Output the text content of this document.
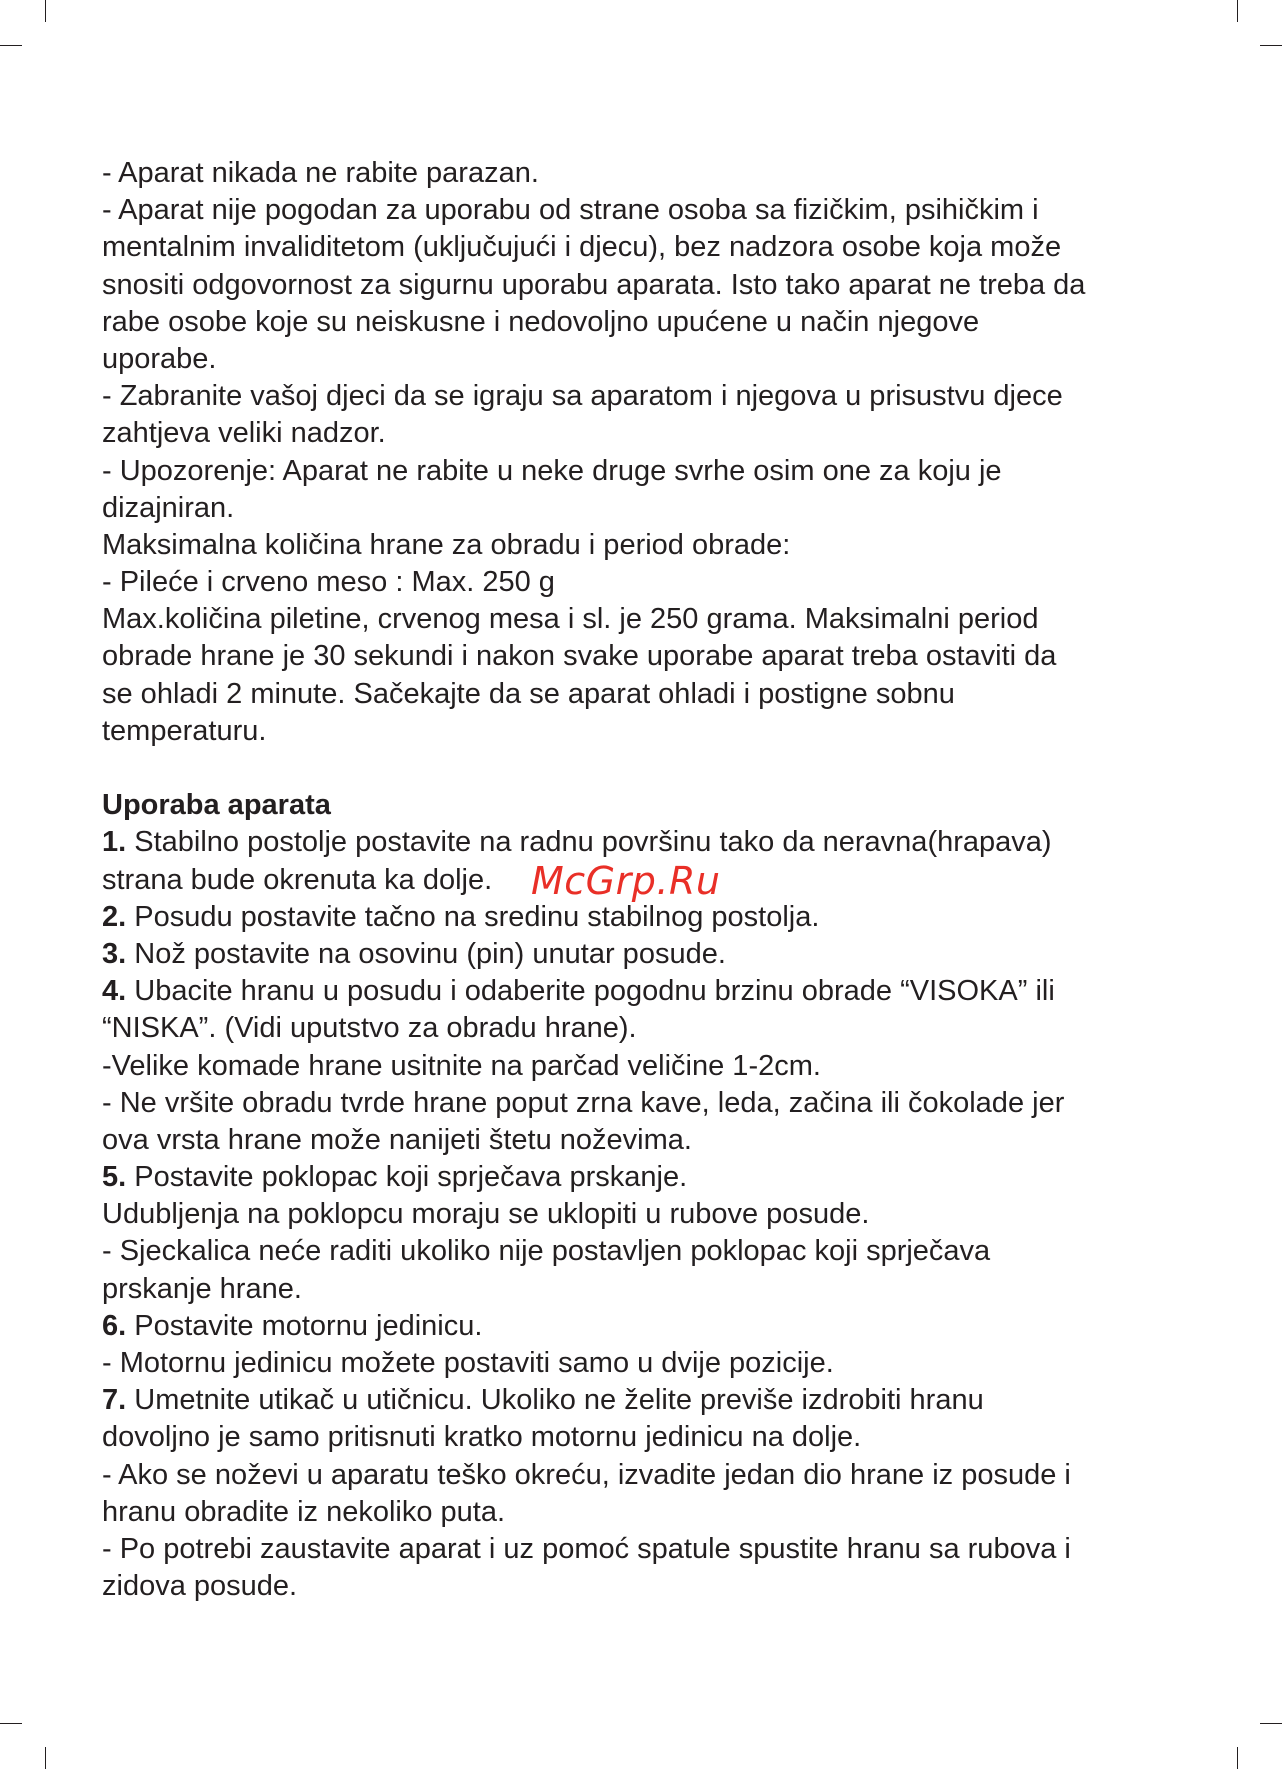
- Aparat nikada ne rabite parazan.
- Aparat nije pogodan za uporabu od strane osoba sa fizičkim, psihičkim i
mentalnim invaliditetom (uključujući i djecu), bez nadzora osobe koja može
snositi odgovornost za sigurnu uporabu aparata. Isto tako aparat ne treba da
rabe osobe koje su neiskusne i nedovoljno upućene u način njegove
uporabe.
- Zabranite vašoj djeci da se igraju sa aparatom i njegova u prisustvu djece
zahtjeva veliki nadzor.
- Upozorenje: Aparat ne rabite u neke druge svrhe osim one za koju je
dizajniran.
Maksimalna količina hrane za obradu i period obrade:
- Pileće i crveno meso : Max. 250 g
Max.količina piletine, crvenog mesa i sl. je 250 grama. Maksimalni period
obrade hrane je 30 sekundi i nakon svake uporabe aparat treba ostaviti da
se ohladi 2 minute. Sačekajte da se aparat ohladi i postigne sobnu
temperaturu.
Uporaba aparata
1. Stabilno postolje postavite na radnu površinu tako da neravna(hrapava)
strana bude okrenuta ka dolje.
2. Posudu postavite tačno na sredinu stabilnog postolja.
3. Nož postavite na osovinu (pin) unutar posude.
4. Ubacite hranu u posudu i odaberite pogodnu brzinu obrade “VISOKA” ili
“NISKA”. (Vidi uputstvo za obradu hrane).
-Velike komade hrane usitnite na parčad veličine 1-2cm.
- Ne vršite obradu tvrde hrane poput zrna kave, leda, začina ili čokolade jer
ova vrsta hrane može nanijeti štetu noževima.
5. Postavite poklopac koji sprječava prskanje.
Udubljenja na poklopcu moraju se uklopiti u rubove posude.
- Sjeckalica neće raditi ukoliko nije postavljen poklopac koji sprječava
prskanje hrane.
6. Postavite motornu jedinicu.
- Motornu jedinicu možete postaviti samo u dvije pozicije.
7. Umetnite utikač u utičnicu. Ukoliko ne želite previše izdrobiti hranu
dovoljno je samo pritisnuti kratko motornu jedinicu na dolje.
- Ako se noževi u aparatu teško okreću, izvadite jedan dio hrane iz posude i
hranu obradite iz nekoliko puta.
- Po potrebi zaustavite aparat i uz pomoć spatule spustite hranu sa rubova i
zidova posude.
McGrp.Ru
